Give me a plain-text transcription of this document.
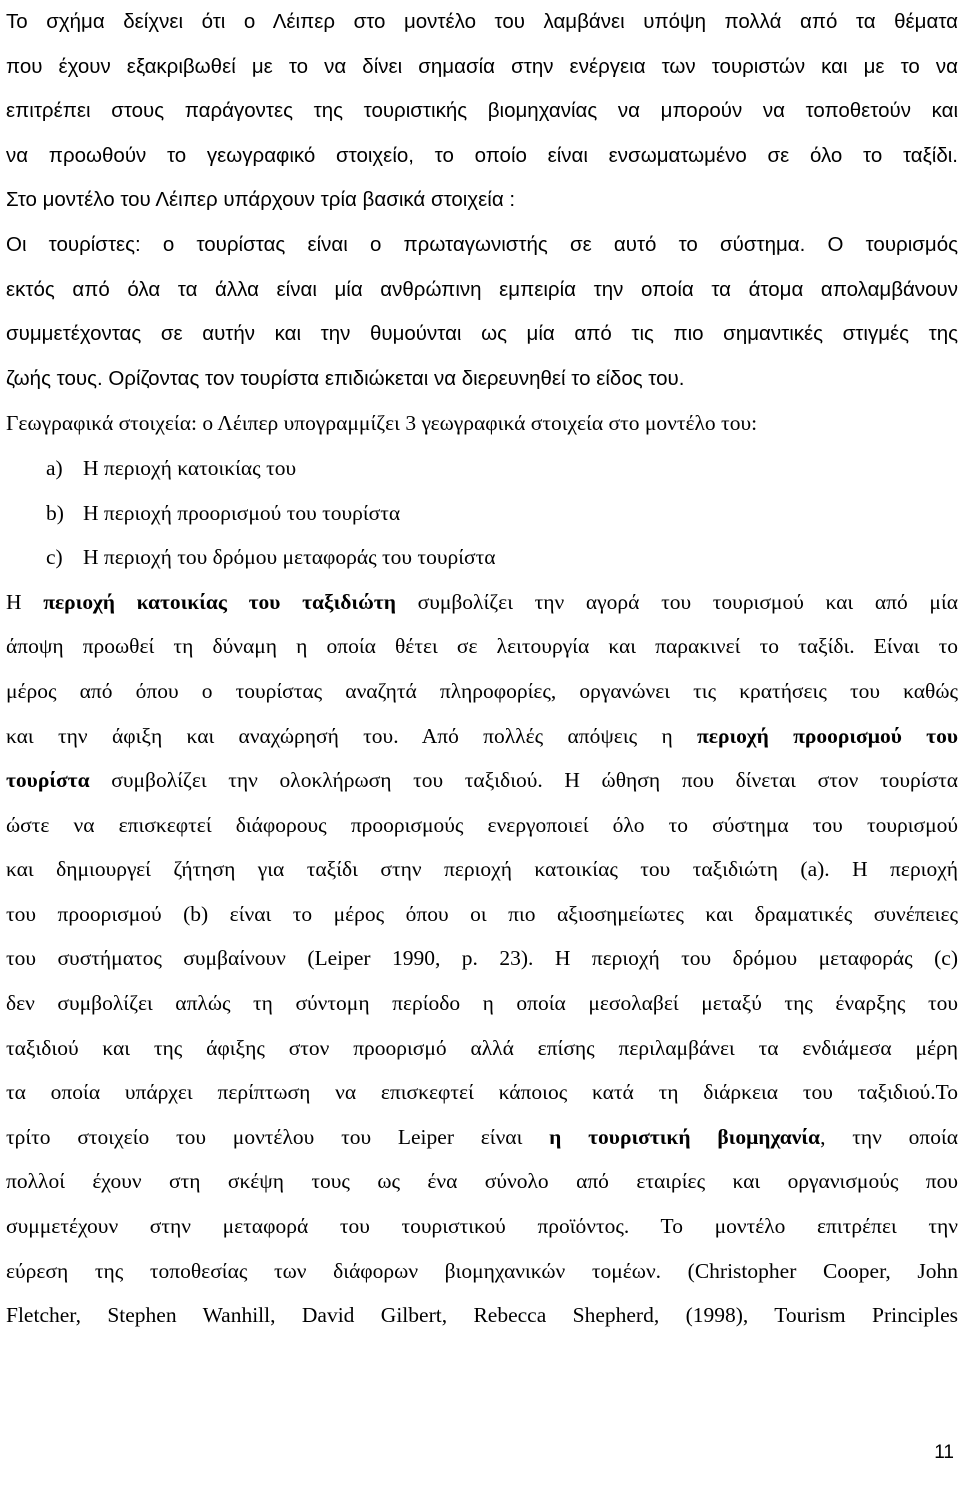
Το σχήμα δείχνει ότι ο Λέιπερ στο μοντέλο του λαμβάνει υπόψη πολλά από τα θέματα
που έχουν εξακριβωθεί με το να δίνει σημασία στην ενέργεια των τουριστών και με το να
επιτρέπει στους παράγοντες της τουριστικής βιομηχανίας να μπορούν να τοποθετούν και
να προωθούν το γεωγραφικό στοιχείο, το οποίο είναι ενσωματωμένο σε όλο το ταξίδι.
Στο μοντέλο του Λέιπερ υπάρχουν τρία βασικά στοιχεία :
Οι τουρίστες: ο τουρίστας είναι ο πρωταγωνιστής σε αυτό το σύστημα. Ο τουρισμός
εκτός από όλα τα άλλα είναι μία ανθρώπινη εμπειρία την οποία τα άτομα απολαμβάνουν
συμμετέχοντας σε αυτήν και την θυμούνται ως μία από τις πιο σημαντικές στιγμές της
ζωής τους. Ορίζοντας τον τουρίστα επιδιώκεται να διερευνηθεί το είδος του.
Γεωγραφικά στοιχεία: ο Λέιπερ υπογραμμίζει 3 γεωγραφικά στοιχεία στο μοντέλο του:
a) Η περιοχή κατοικίας του
b) Η περιοχή προορισμού του τουρίστα
c) Η περιοχή του δρόμου μεταφοράς του τουρίστα
Η περιοχή κατοικίας του ταξιδιώτη συμβολίζει την αγορά του τουρισμού και από μία
άποψη προωθεί τη δύναμη η οποία θέτει σε λειτουργία και παρακινεί το ταξίδι. Είναι το
μέρος από όπου ο τουρίστας αναζητά πληροφορίες, οργανώνει τις κρατήσεις του καθώς
και την άφιξη και αναχώρησή του. Από πολλές απόψεις η περιοχή προορισμού του
τουρίστα συμβολίζει την ολοκλήρωση του ταξιδιού. Η ώθηση που δίνεται στον τουρίστα
ώστε να επισκεφτεί διάφορους προορισμούς ενεργοποιεί όλο το σύστημα του τουρισμού
και δημιουργεί ζήτηση για ταξίδι στην περιοχή κατοικίας του ταξιδιώτη (a). Η περιοχή
του προορισμού (b) είναι το μέρος όπου οι πιο αξιοσημείωτες και δραματικές συνέπειες
του συστήματος συμβαίνουν (Leiper 1990, p. 23). Η περιοχή του δρόμου μεταφοράς (c)
δεν συμβολίζει απλώς τη σύντομη περίοδο η οποία μεσολαβεί μεταξύ της έναρξης του
ταξιδιού και της άφιξης στον προορισμό αλλά επίσης περιλαμβάνει τα ενδιάμεσα μέρη
τα οποία υπάρχει περίπτωση να επισκεφτεί κάποιος κατά τη διάρκεια του ταξιδιού.Το
τρίτο στοιχείο του μοντέλου του Leiper είναι η τουριστική βιομηχανία, την οποία
πολλοί έχουν στη σκέψη τους ως ένα σύνολο από εταιρίες και οργανισμούς που
συμμετέχουν στην μεταφορά του τουριστικού προϊόντος. Το μοντέλο επιτρέπει την
εύρεση της τοποθεσίας των διάφορων βιομηχανικών τομέων. (Christopher Cooper, John
Fletcher, Stephen Wanhill, David Gilbert, Rebecca Shepherd, (1998), Tourism Principles
11
